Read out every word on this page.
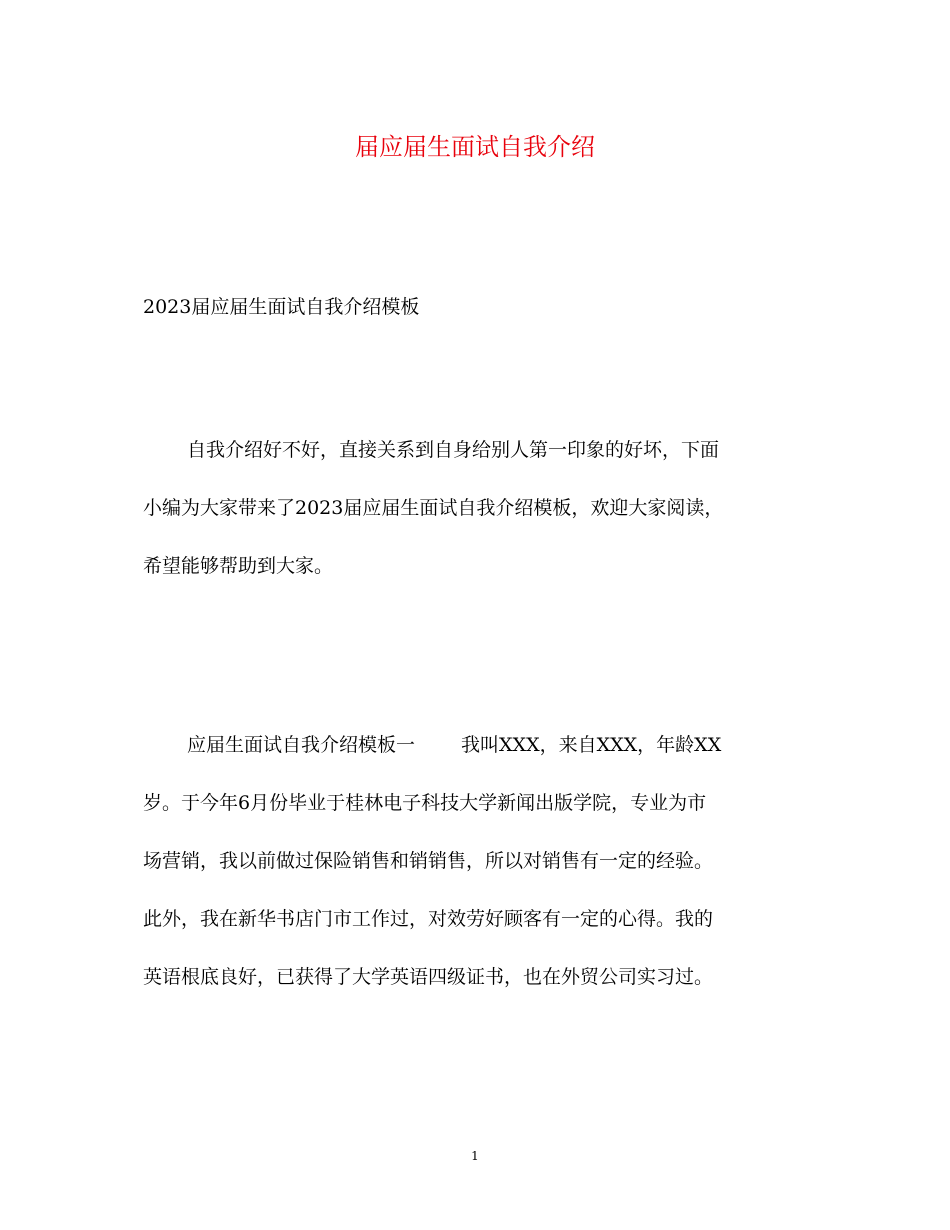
届应届生面试自我介绍
2023届应届生面试自我介绍模板
自我介绍好不好，直接关系到自身给别人第一印象的好坏，下面
小编为大家带来了2023届应届生面试自我介绍模板，欢迎大家阅读，
希望能够帮助到大家。
应届生面试自我介绍模板一 我叫XXX，来自XXX，年龄XX
岁。于今年6月份毕业于桂林电子科技大学新闻出版学院，专业为市
场营销，我以前做过保险销售和销销售，所以对销售有一定的经验。
此外，我在新华书店门市工作过，对效劳好顾客有一定的心得。我的
英语根底良好，已获得了大学英语四级证书，也在外贸公司实习过。
1
